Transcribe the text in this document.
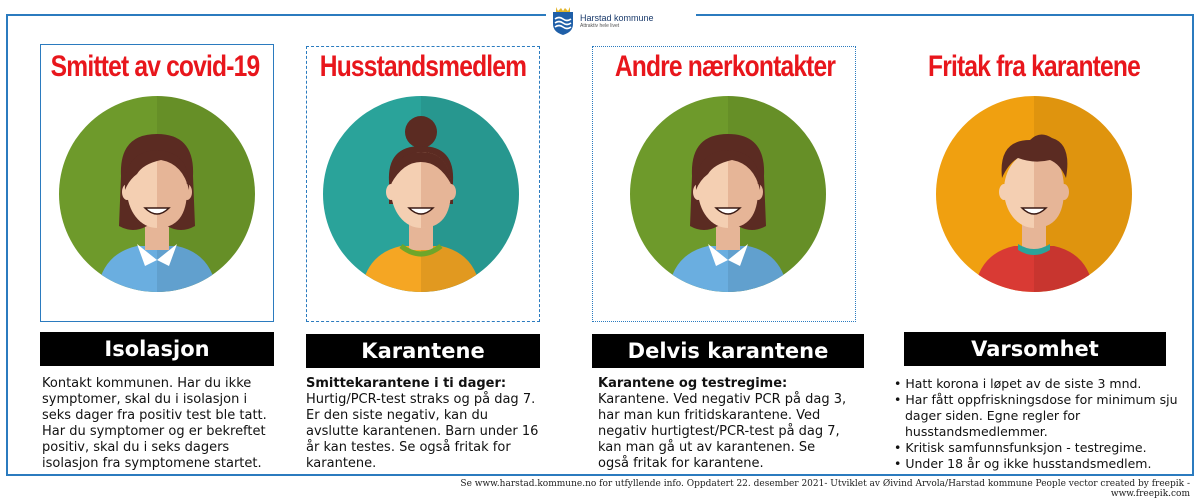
Harstad kommune
Attraktiv hele livet
Smittet av covid-19
Isolasjon
Kontakt kommunen. Har du ikke symptomer, skal du i isolasjon i seks dager fra positiv test ble tatt. Har du symptomer og er bekreftet positiv, skal du i seks dagers isolasjon fra symptomene startet.
Husstandsmedlem
Karantene
Smittekarantene i ti dager:
Hurtig/PCR-test straks og på dag 7. Er den siste negativ, kan du avslutte karantenen. Barn under 16 år kan testes. Se også fritak for karantene.
Andre nærkontakter
Delvis karantene
Karantene og testregime:
Karantene. Ved negativ PCR på dag 3, har man kun fritidskarantene. Ved negativ hurtigtest/PCR-test på dag 7, kan man gå ut av karantenen. Se også fritak for karantene.
Fritak fra karantene
Varsomhet
• Hatt korona i løpet av de siste 3 mnd.
• Har fått oppfriskningsdose for minimum sju dager siden. Egne regler for husstandsmedlemmer.
• Kritisk samfunnsfunksjon - testregime.
• Under 18 år og ikke husstandsmedlem.
Se www.harstad.kommune.no for utfyllende info. Oppdatert 22. desember 2021- Utviklet av Øivind Arvola/Harstad kommune People vector created by freepik - www.freepik.com
